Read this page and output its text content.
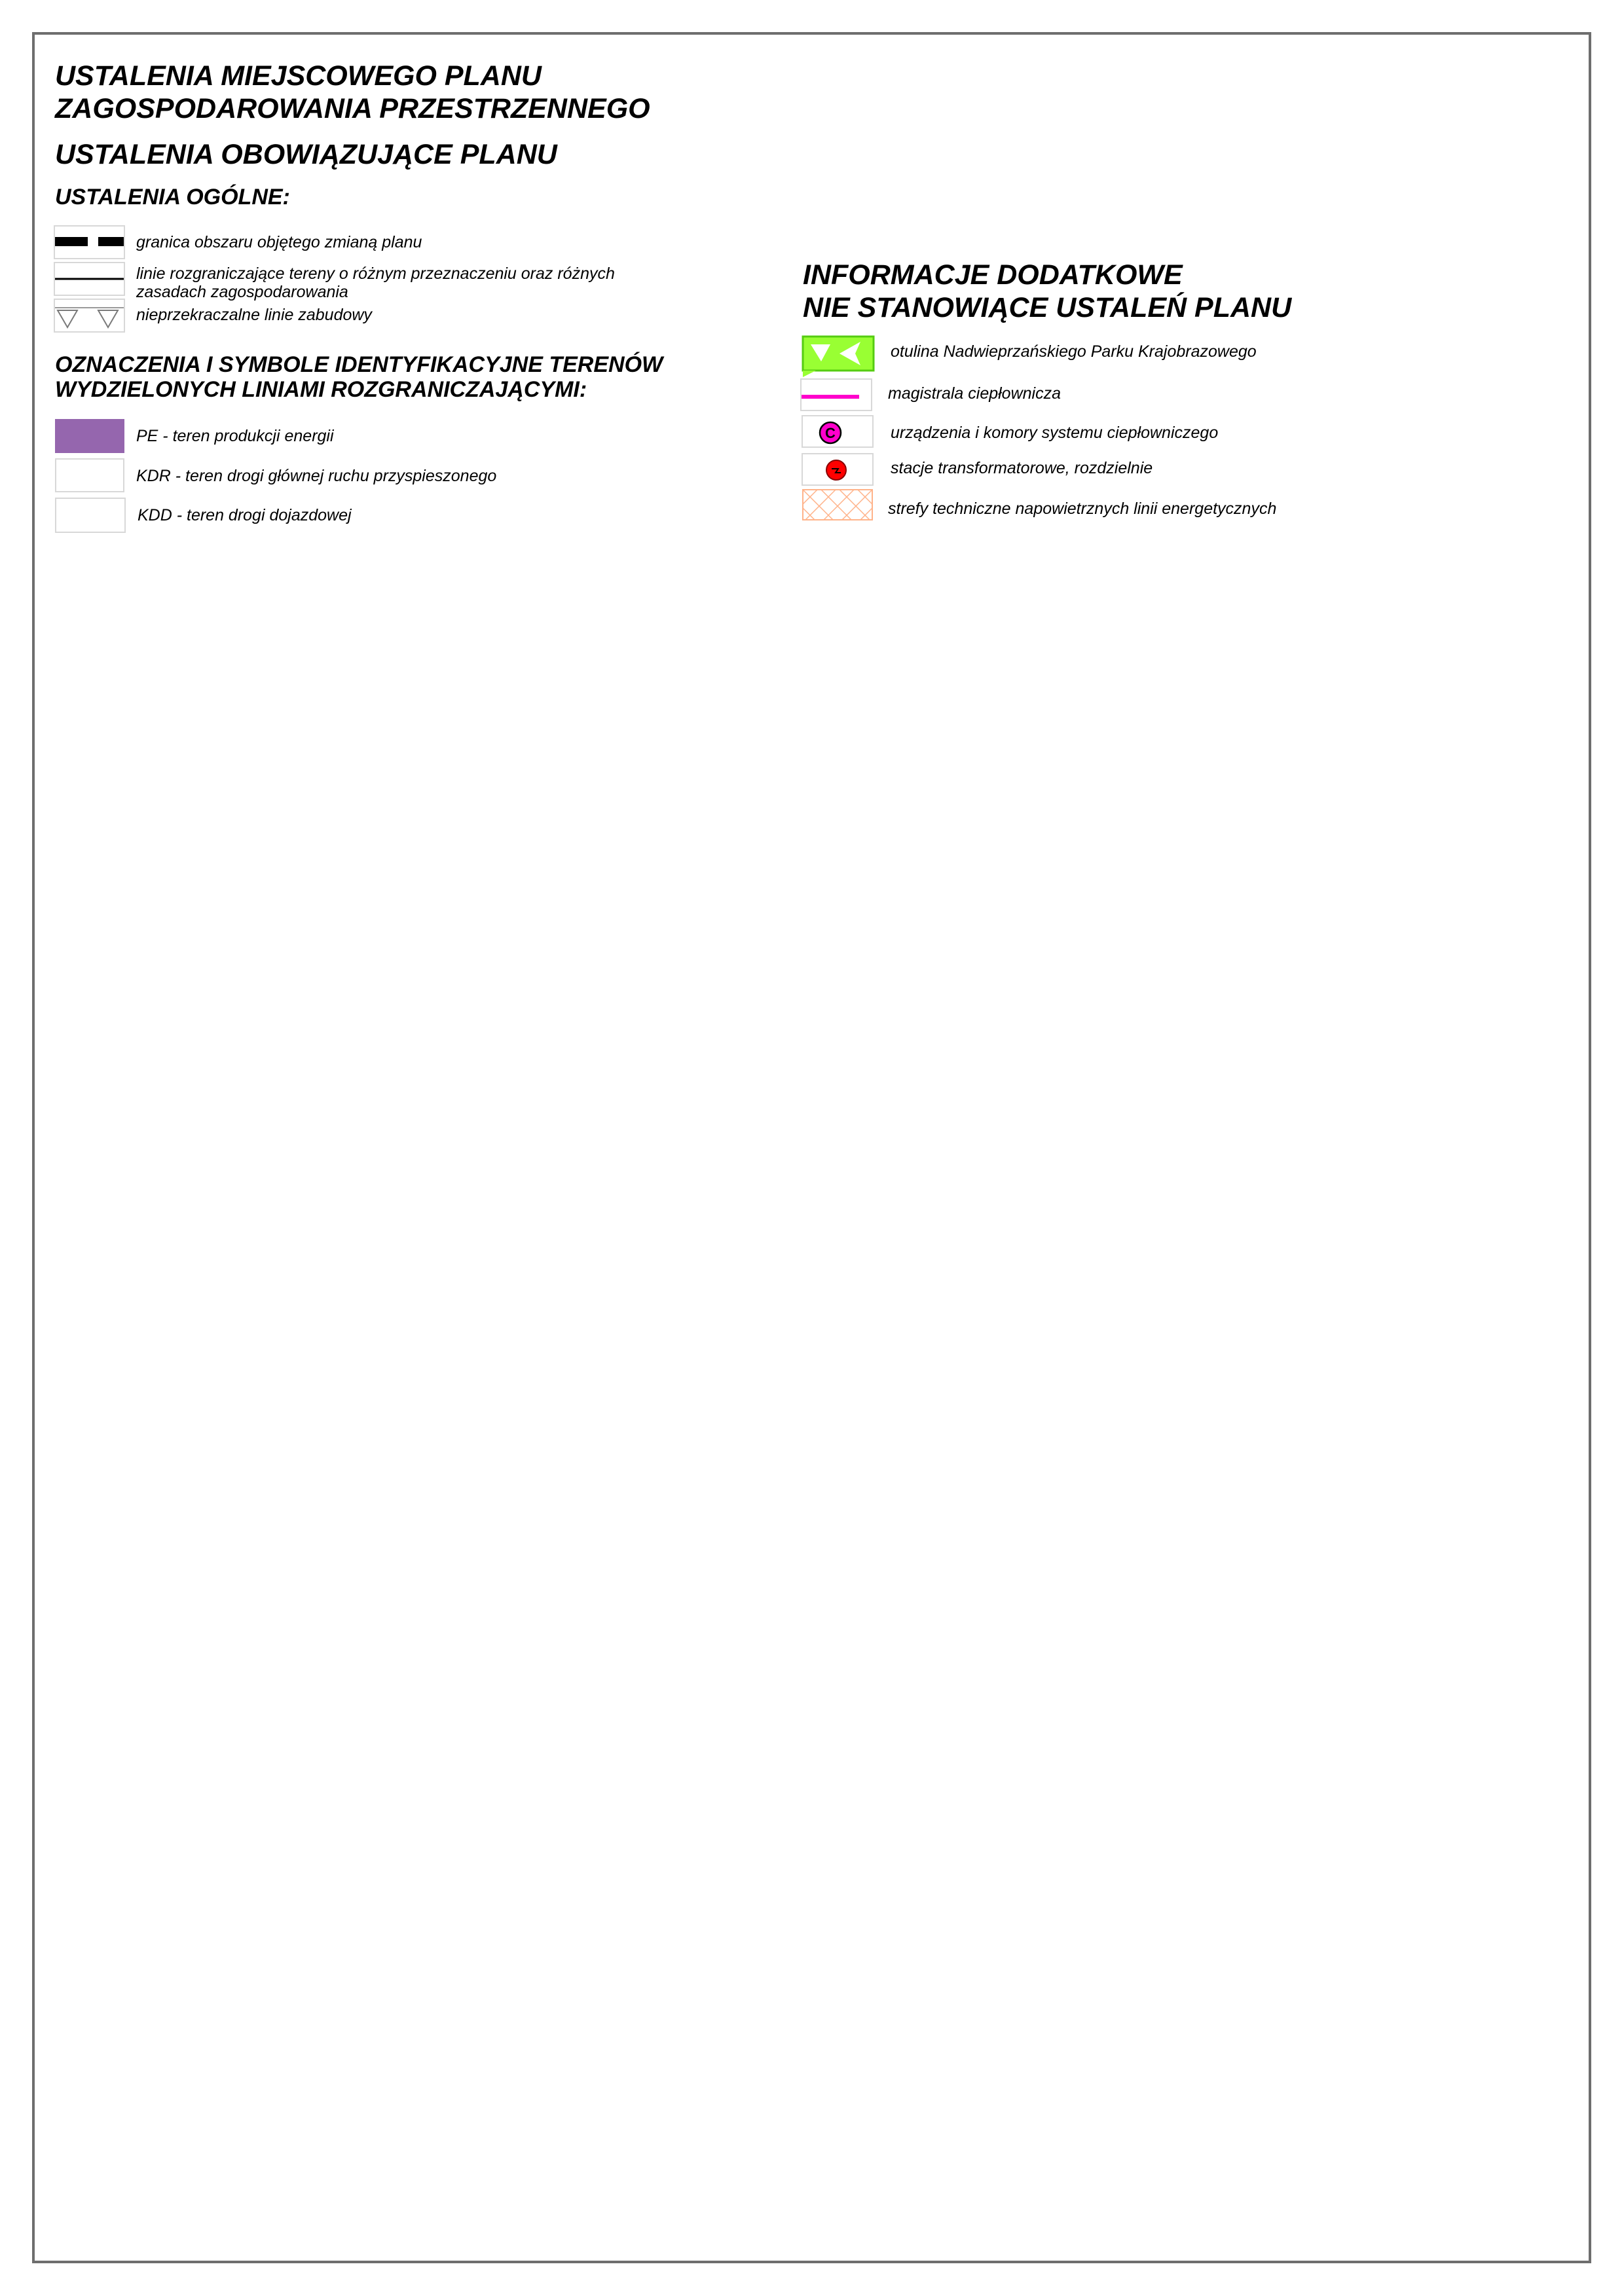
USTALENIA MIEJSCOWEGO PLANU
ZAGOSPODAROWANIA PRZESTRZENNEGO
USTALENIA OBOWIĄZUJĄCE PLANU
USTALENIA OGÓLNE:
granica obszaru objętego zmianą planu
linie rozgraniczające tereny o różnym przeznaczeniu oraz różnych
zasadach zagospodarowania
nieprzekraczalne linie zabudowy
OZNACZENIA I SYMBOLE IDENTYFIKACYJNE TERENÓW
WYDZIELONYCH LINIAMI ROZGRANICZAJĄCYMI:
PE - teren produkcji energii
KDR - teren drogi głównej ruchu przyspieszonego
KDD - teren drogi dojazdowej
INFORMACJE DODATKOWE
NIE STANOWIĄCE USTALEŃ PLANU
otulina Nadwieprzańskiego Parku Krajobrazowego
magistrala ciepłownicza
C	urządzenia i komory systemu ciepłowniczego
stacje transformatorowe, rozdzielnie
strefy techniczne napowietrznych linii energetycznych
